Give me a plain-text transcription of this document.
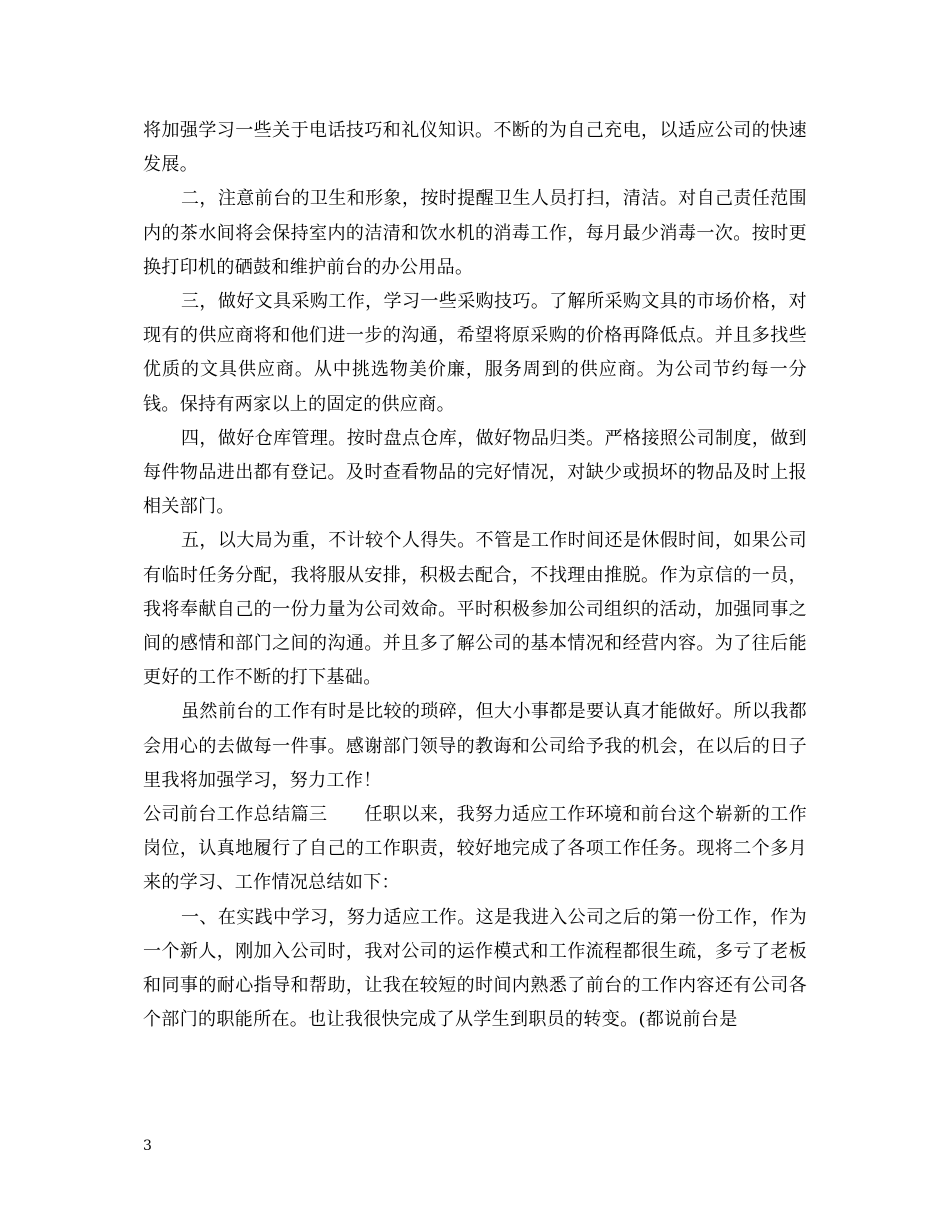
将加强学习一些关于电话技巧和礼仪知识。不断的为自己充电，以适应公司的快速发展。

二，注意前台的卫生和形象，按时提醒卫生人员打扫，清洁。对自己责任范围内的茶水间将会保持室内的洁清和饮水机的消毒工作，每月最少消毒一次。按时更换打印机的硒鼓和维护前台的办公用品。

三，做好文具采购工作，学习一些采购技巧。了解所采购文具的市场价格，对现有的供应商将和他们进一步的沟通，希望将原采购的价格再降低点。并且多找些优质的文具供应商。从中挑选物美价廉，服务周到的供应商。为公司节约每一分钱。保持有两家以上的固定的供应商。

四，做好仓库管理。按时盘点仓库，做好物品归类。严格接照公司制度，做到每件物品进出都有登记。及时查看物品的完好情况，对缺少或损坏的物品及时上报相关部门。

五，以大局为重，不计较个人得失。不管是工作时间还是休假时间，如果公司有临时任务分配，我将服从安排，积极去配合，不找理由推脱。作为京信的一员，我将奉献自己的一份力量为公司效命。平时积极参加公司组织的活动，加强同事之间的感情和部门之间的沟通。并且多了解公司的基本情况和经营内容。为了往后能更好的工作不断的打下基础。

虽然前台的工作有时是比较的琐碎，但大小事都是要认真才能做好。所以我都会用心的去做每一件事。感谢部门领导的教诲和公司给予我的机会，在以后的日子里我将加强学习，努力工作！

公司前台工作总结篇三　　任职以来，我努力适应工作环境和前台这个崭新的工作岗位，认真地履行了自己的工作职责，较好地完成了各项工作任务。现将二个多月来的学习、工作情况总结如下：

一、在实践中学习，努力适应工作。这是我进入公司之后的第一份工作，作为一个新人，刚加入公司时，我对公司的运作模式和工作流程都很生疏，多亏了老板和同事的耐心指导和帮助，让我在较短的时间内熟悉了前台的工作内容还有公司各个部门的职能所在。也让我很快完成了从学生到职员的转变。(都说前台是

3
